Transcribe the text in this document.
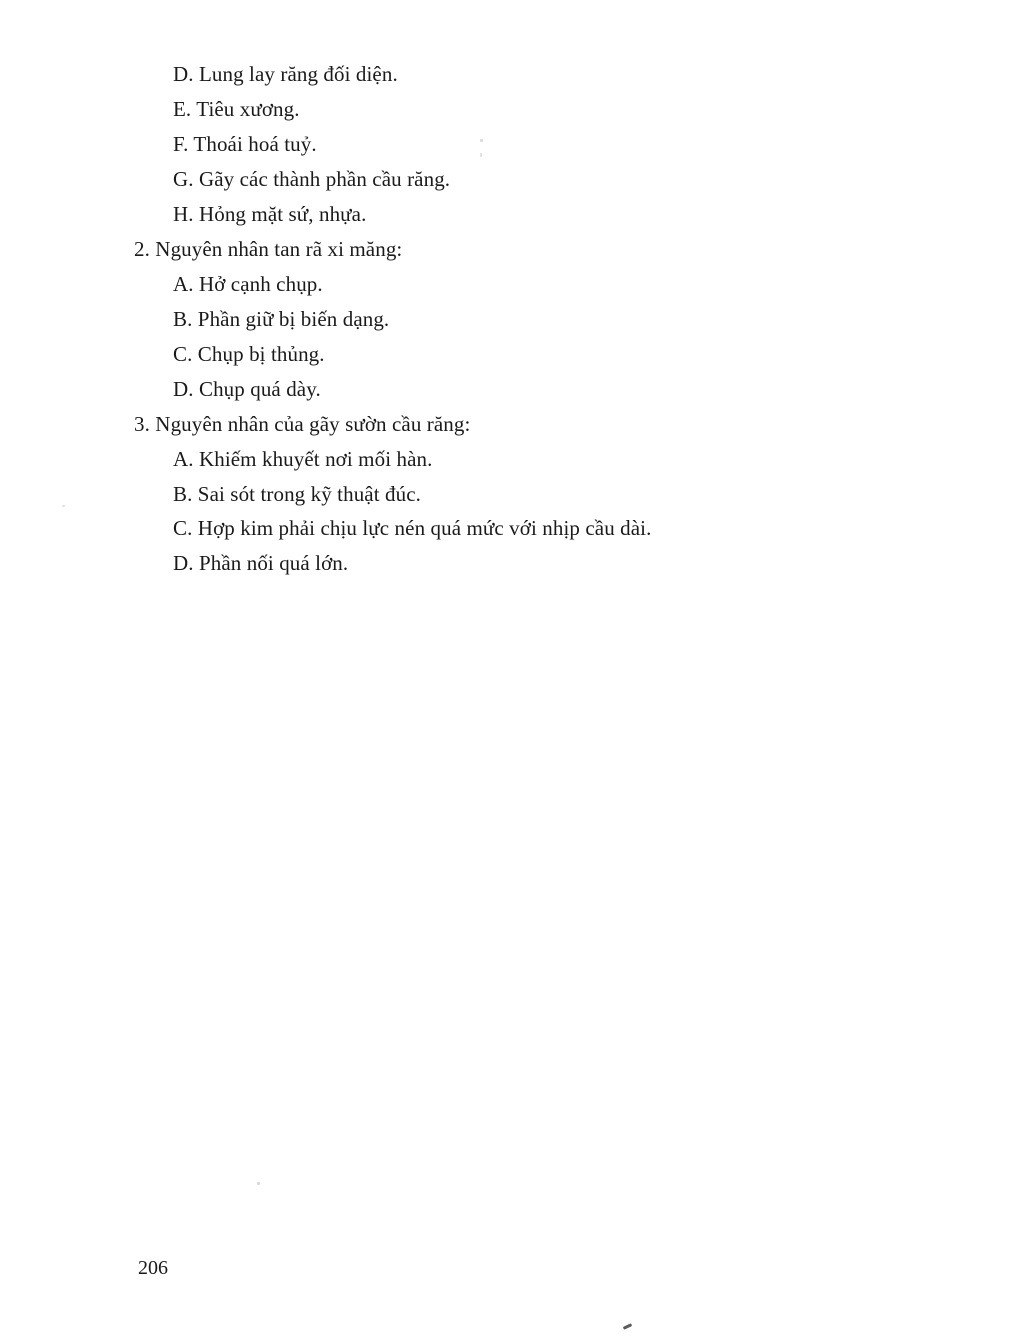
D. Lung lay răng đối diện.
E. Tiêu xương.
F. Thoái hoá tuỷ.
G. Gãy các thành phần cầu răng.
H. Hỏng mặt sứ, nhựa.
2. Nguyên nhân tan rã xi măng:
A. Hở cạnh chụp.
B. Phần giữ bị biến dạng.
C. Chụp bị thủng.
D. Chụp quá dày.
3. Nguyên nhân của gãy sườn cầu răng:
A. Khiếm khuyết nơi mối hàn.
B. Sai sót trong kỹ thuật đúc.
C. Hợp kim phải chịu lực nén quá mức với nhịp cầu dài.
D. Phần nối quá lớn.
206
